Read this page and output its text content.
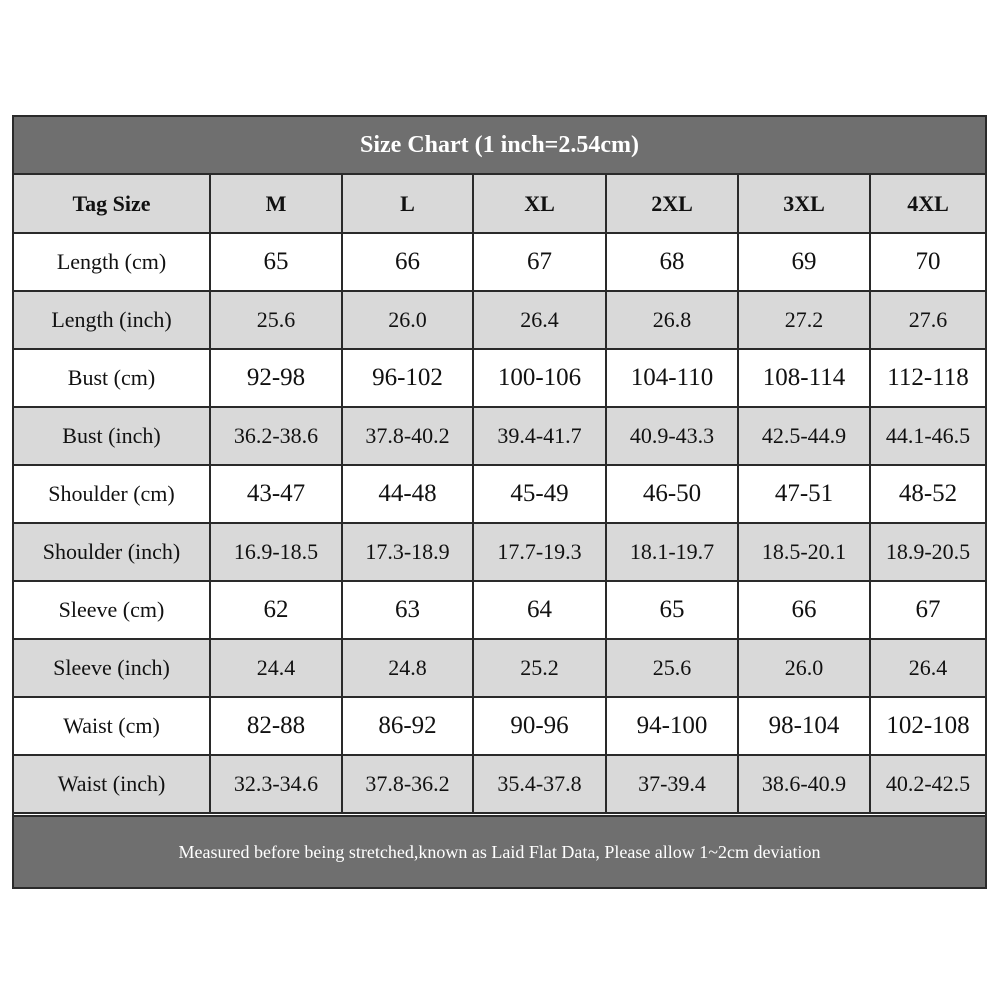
Size Chart (1 inch=2.54cm)
Tag Size	M	L	XL	2XL	3XL	4XL
Length (cm)	65	66	67	68	69	70
Length (inch)	25.6	26.0	26.4	26.8	27.2	27.6
Bust (cm)	92-98	96-102	100-106	104-110	108-114	112-118
Bust (inch)	36.2-38.6	37.8-40.2	39.4-41.7	40.9-43.3	42.5-44.9	44.1-46.5
Shoulder (cm)	43-47	44-48	45-49	46-50	47-51	48-52
Shoulder (inch)	16.9-18.5	17.3-18.9	17.7-19.3	18.1-19.7	18.5-20.1	18.9-20.5
Sleeve (cm)	62	63	64	65	66	67
Sleeve (inch)	24.4	24.8	25.2	25.6	26.0	26.4
Waist (cm)	82-88	86-92	90-96	94-100	98-104	102-108
Waist (inch)	32.3-34.6	37.8-36.2	35.4-37.8	37-39.4	38.6-40.9	40.2-42.5
Measured before being stretched,known as Laid Flat Data, Please allow 1~2cm deviation
